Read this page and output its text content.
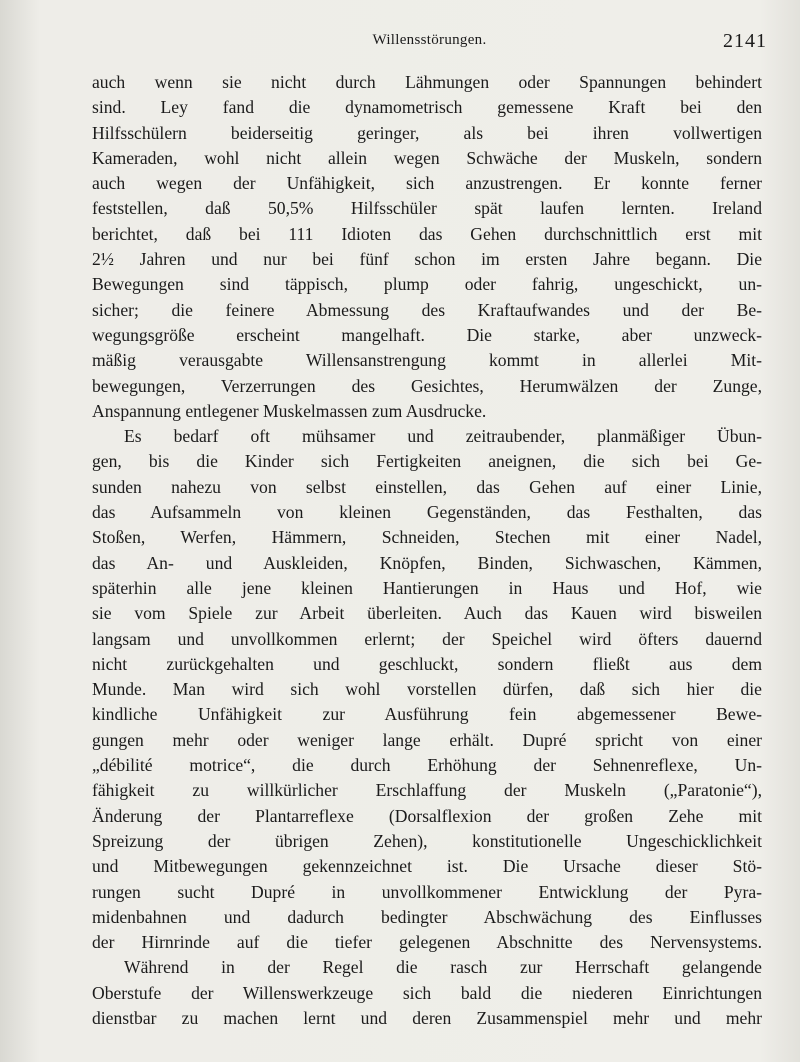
Willensstörungen.	2141

auch wenn sie nicht durch Lähmungen oder Spannungen behindert
sind. Ley fand die dynamometrisch gemessene Kraft bei den
Hilfsschülern beiderseitig geringer, als bei ihren vollwertigen
Kameraden, wohl nicht allein wegen Schwäche der Muskeln, sondern
auch wegen der Unfähigkeit, sich anzustrengen. Er konnte ferner
feststellen, daß 50,5% Hilfsschüler spät laufen lernten. Ireland
berichtet, daß bei 111 Idioten das Gehen durchschnittlich erst mit
2½ Jahren und nur bei fünf schon im ersten Jahre begann. Die
Bewegungen sind täppisch, plump oder fahrig, ungeschickt, un-
sicher; die feinere Abmessung des Kraftaufwandes und der Be-
wegungsgröße erscheint mangelhaft. Die starke, aber unzweck-
mäßig verausgabte Willensanstrengung kommt in allerlei Mit-
bewegungen, Verzerrungen des Gesichtes, Herumwälzen der Zunge,
Anspannung entlegener Muskelmassen zum Ausdrucke.

Es bedarf oft mühsamer und zeitraubender, planmäßiger Übun-
gen, bis die Kinder sich Fertigkeiten aneignen, die sich bei Ge-
sunden nahezu von selbst einstellen, das Gehen auf einer Linie,
das Aufsammeln von kleinen Gegenständen, das Festhalten, das
Stoßen, Werfen, Hämmern, Schneiden, Stechen mit einer Nadel,
das An- und Auskleiden, Knöpfen, Binden, Sichwaschen, Kämmen,
späterhin alle jene kleinen Hantierungen in Haus und Hof, wie
sie vom Spiele zur Arbeit überleiten. Auch das Kauen wird bisweilen
langsam und unvollkommen erlernt; der Speichel wird öfters dauernd
nicht zurückgehalten und geschluckt, sondern fließt aus dem
Munde. Man wird sich wohl vorstellen dürfen, daß sich hier die
kindliche Unfähigkeit zur Ausführung fein abgemessener Bewe-
gungen mehr oder weniger lange erhält. Dupré spricht von einer
„débilité motrice“, die durch Erhöhung der Sehnenreflexe, Un-
fähigkeit zu willkürlicher Erschlaffung der Muskeln („Paratonie“),
Änderung der Plantarreflexe (Dorsalflexion der großen Zehe mit
Spreizung der übrigen Zehen), konstitutionelle Ungeschicklichkeit
und Mitbewegungen gekennzeichnet ist. Die Ursache dieser Stö-
rungen sucht Dupré in unvollkommener Entwicklung der Pyra-
midenbahnen und dadurch bedingter Abschwächung des Einflusses
der Hirnrinde auf die tiefer gelegenen Abschnitte des Nervensystems.

Während in der Regel die rasch zur Herrschaft gelangende
Oberstufe der Willenswerkzeuge sich bald die niederen Einrichtungen
dienstbar zu machen lernt und deren Zusammenspiel mehr und mehr
